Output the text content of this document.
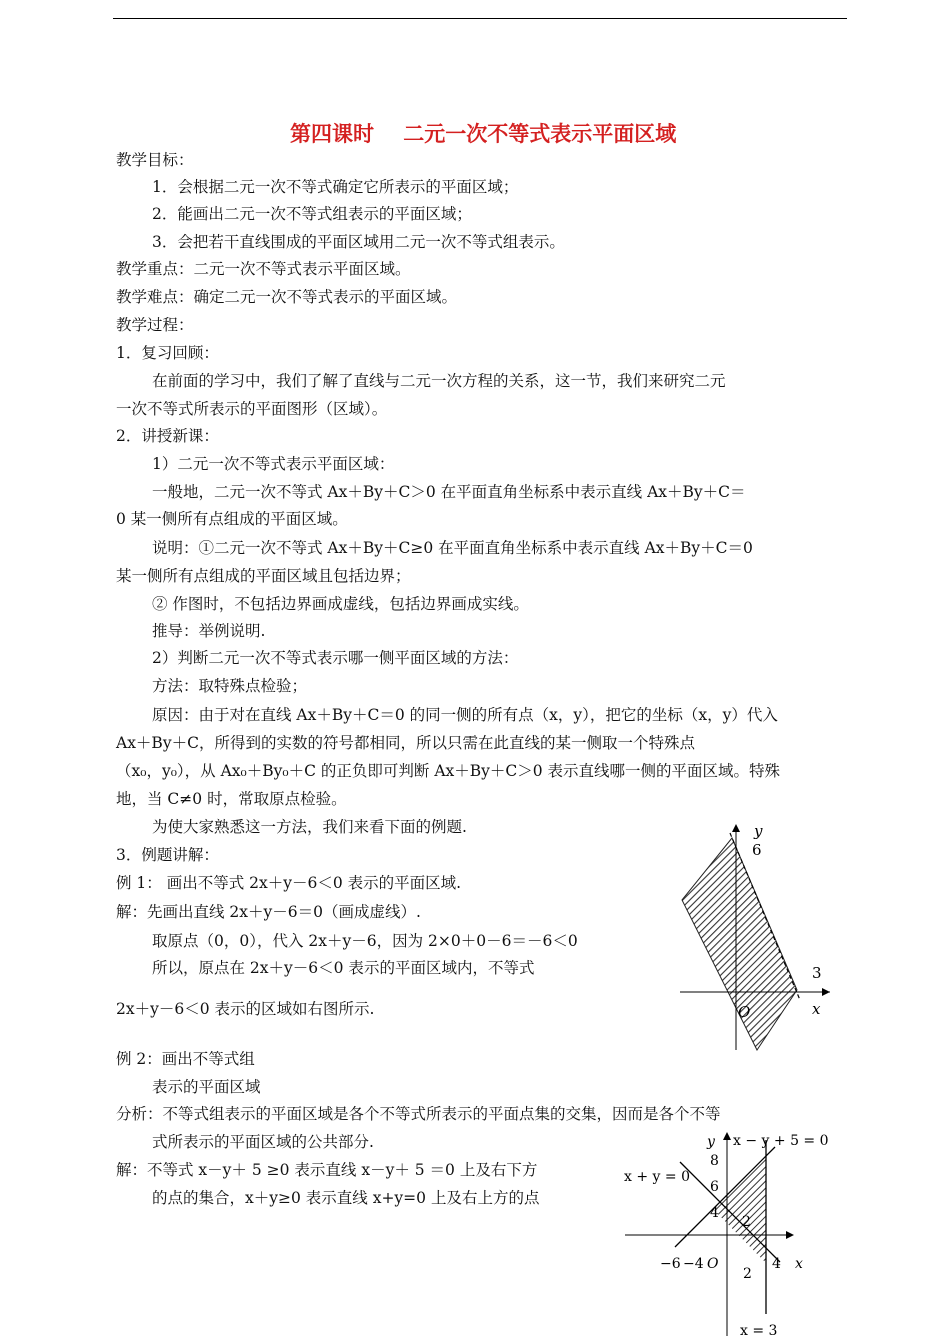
第四课时    二元一次不等式表示平面区域
教学目标：
1．会根据二元一次不等式确定它所表示的平面区域；
2．能画出二元一次不等式组表示的平面区域；
3．会把若干直线围成的平面区域用二元一次不等式组表示。
教学重点：二元一次不等式表示平面区域。
教学难点：确定二元一次不等式表示的平面区域。
教学过程：
1．复习回顾：
在前面的学习中，我们了解了直线与二元一次方程的关系，这一节，我们来研究二元
一次不等式所表示的平面图形（区域）。
2．讲授新课：
1）二元一次不等式表示平面区域：
一般地，二元一次不等式 Ax＋By＋C＞0 在平面直角坐标系中表示直线 Ax＋By＋C＝
0 某一侧所有点组成的平面区域。
说明：①二元一次不等式 Ax＋By＋C≥0 在平面直角坐标系中表示直线 Ax＋By＋C＝0
某一侧所有点组成的平面区域且包括边界；
② 作图时，不包括边界画成虚线，包括边界画成实线。
推导：举例说明.
2）判断二元一次不等式表示哪一侧平面区域的方法：
方法：取特殊点检验；
原因：由于对在直线 Ax＋By＋C＝0 的同一侧的所有点（x，y），把它的坐标（x，y）代入
Ax＋By＋C，所得到的实数的符号都相同，所以只需在此直线的某一侧取一个特殊点
（x₀，y₀），从 Ax₀＋By₀＋C 的正负即可判断 Ax＋By＋C＞0 表示直线哪一侧的平面区域。特殊
地，当 C≠0 时，常取原点检验。
为使大家熟悉这一方法，我们来看下面的例题.
3．例题讲解：
例 1： 画出不等式 2x＋y－6＜0 表示的平面区域.
解：先画出直线 2x＋y－6＝0（画成虚线）.
取原点（0，0），代入 2x＋y－6，因为 2×0＋0－6＝－6＜0
所以，原点在 2x＋y－6＜0 表示的平面区域内，不等式
2x＋y－6＜0 表示的区域如右图所示.
例 2：画出不等式组
表示的平面区域
分析：不等式组表示的平面区域是各个不等式所表示的平面点集的交集，因而是各个不等
式所表示的平面区域的公共部分.
解：不等式 x－y＋ 5 ≥0 表示直线 x－y＋ 5 ＝0 上及右下方
的点的集合，x＋y≥0 表示直线 x+y=0 上及右上方的点
y
6
3
x
O
y x − y + 5 = 0
x + y = 0
x = 3
8
6
4
2
−6 −4 O
2
4 x
